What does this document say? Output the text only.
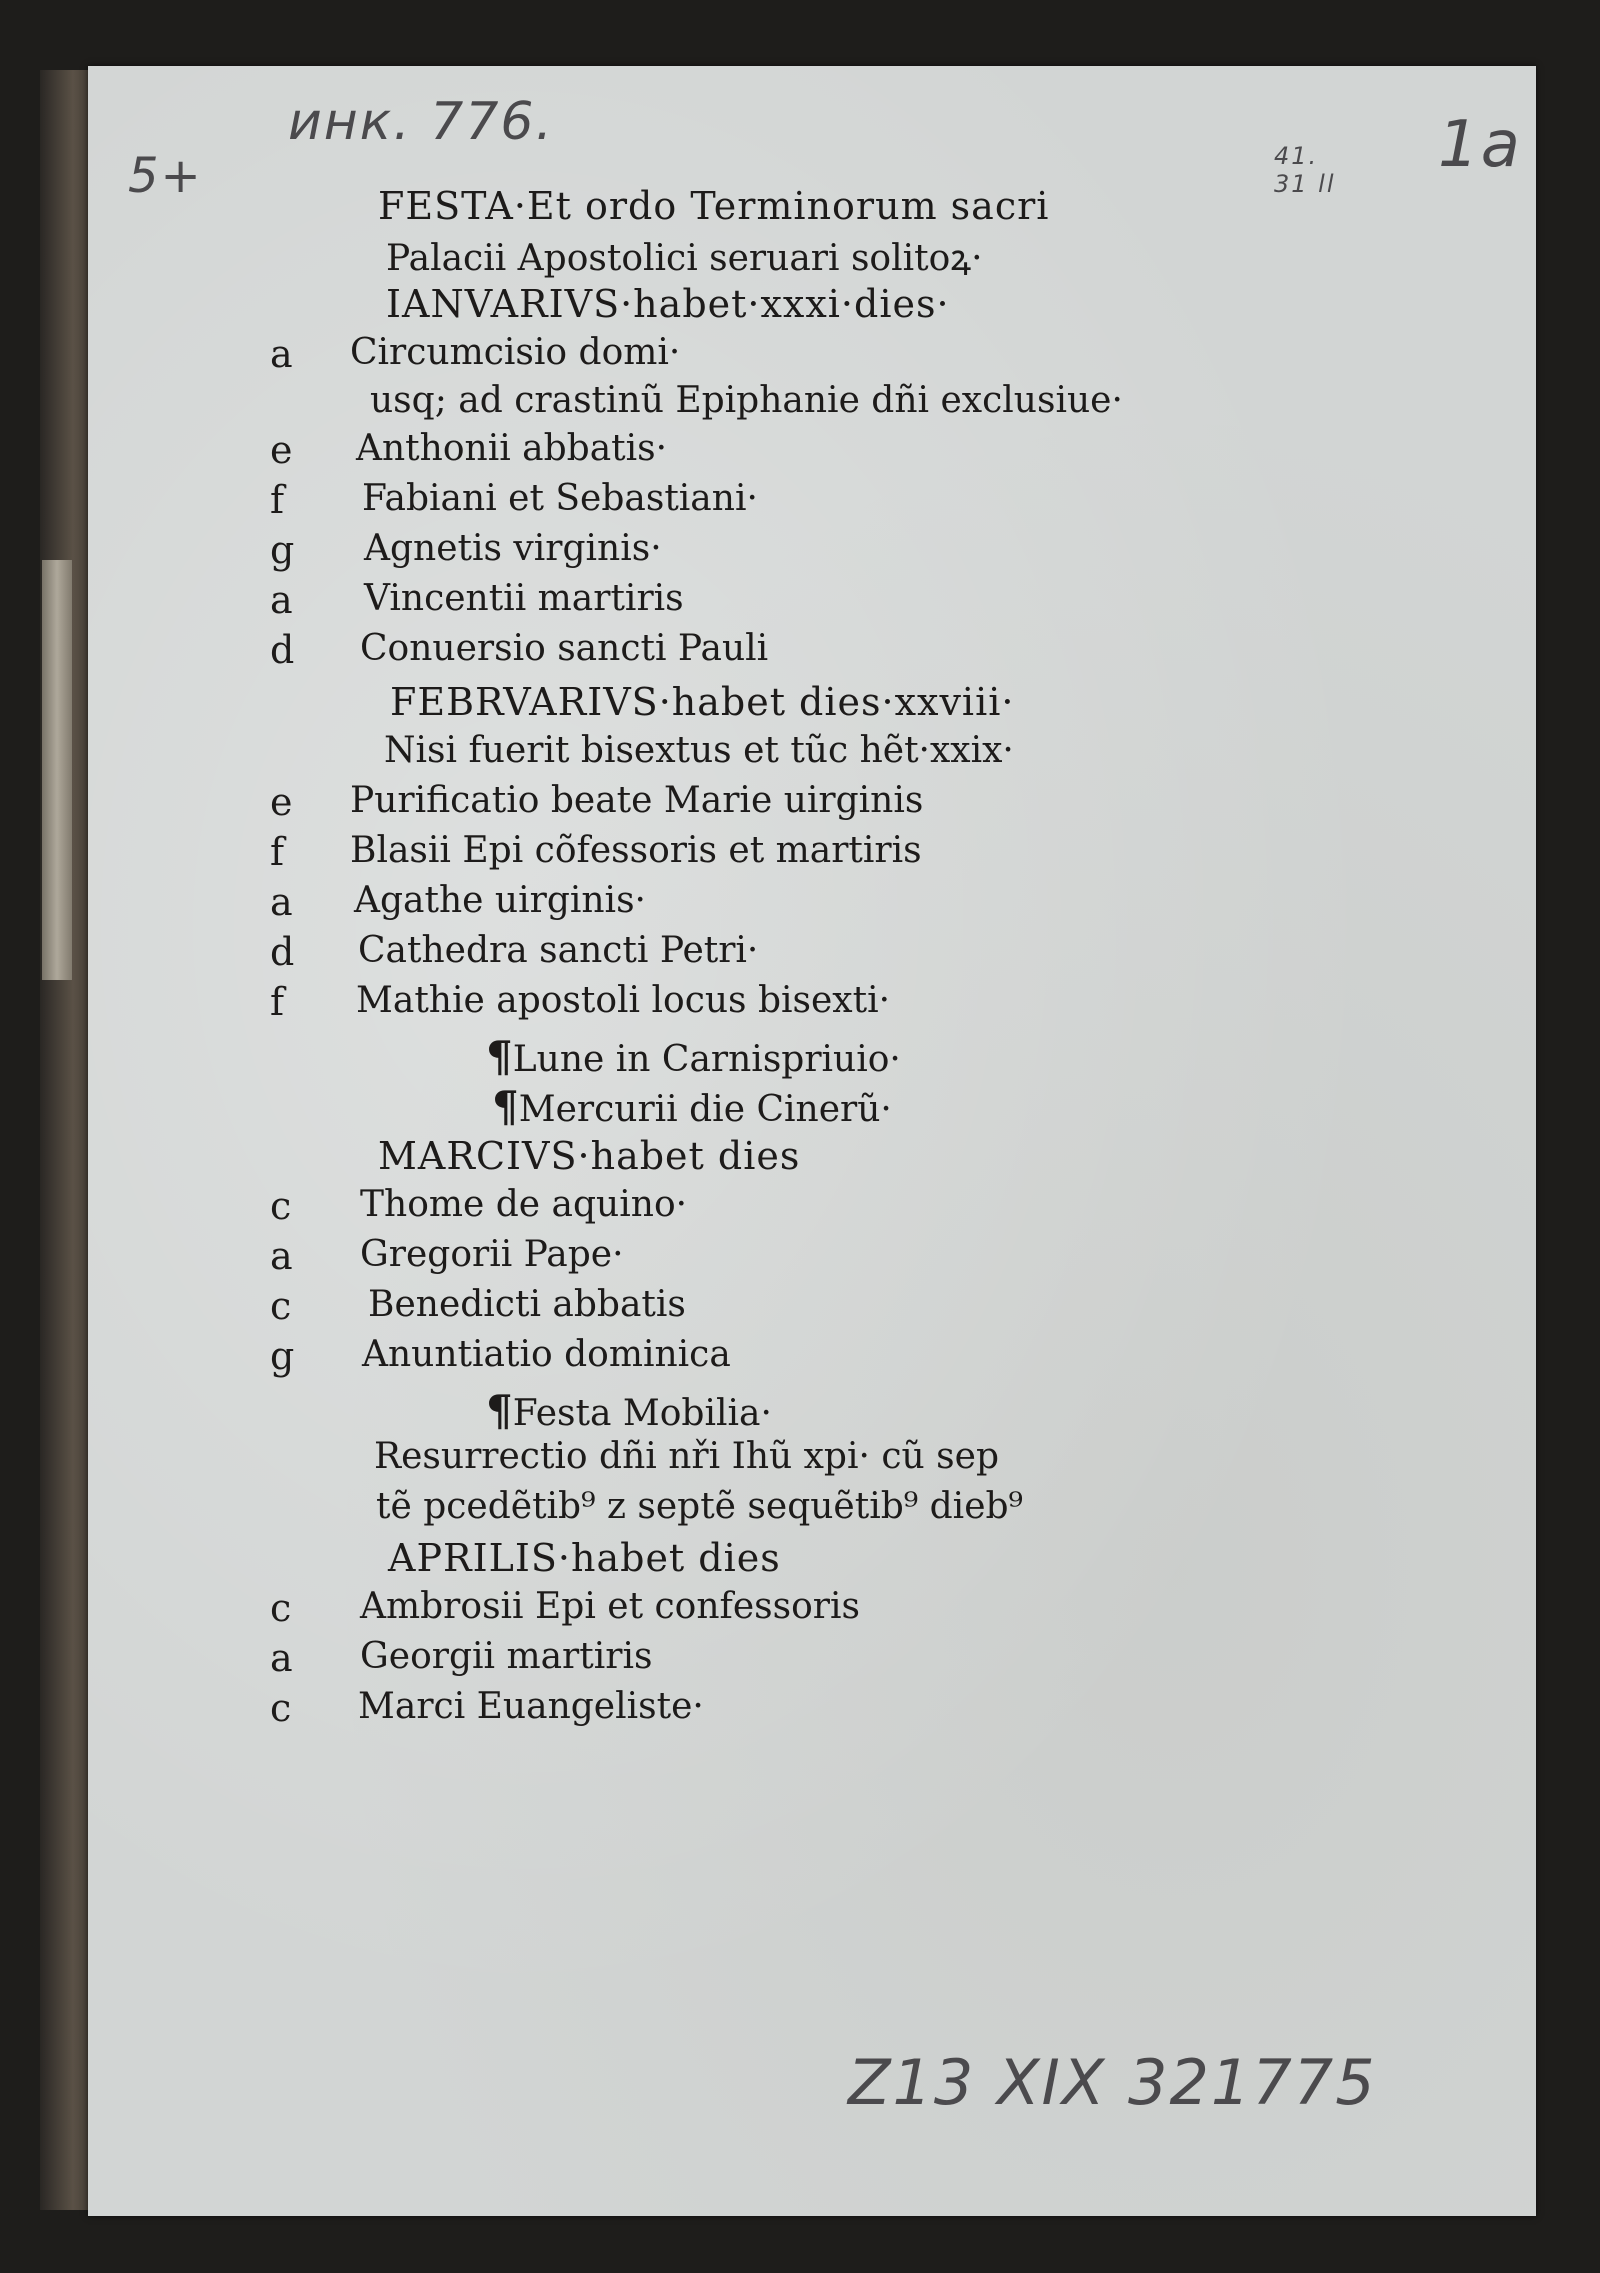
инк. 776.
5+	41.
31 ll
1a
Z13 XIX 321775
FESTA·Et ordo Terminorum sacri
Palacii Apostolici seruari solitoꝝ·
IANVARIVS·habet·xxxi·dies·
a Circumcisio domi·
usq; ad crastinũ Epiphanie dñi exclusiue·
e Anthonii abbatis·
f Fabiani et Sebastiani·
g Agnetis virginis·
a Vincentii martiris
d Conuersio sancti Pauli
FEBRVARIVS·habet dies·xxviii·
Nisi fuerit bisextus et tũc hẽt·xxix·
e Purificatio beate Marie uirginis
f Blasii Epi cõfessoris et martiris
a Agathe uirginis·
d Cathedra sancti Petri·
f Mathie apostoli locus bisexti·
¶Lune in Carnispriuio·
¶Mercurii die Cinerũ·
MARCIVS·habet dies
c Thome de aquino·
a Gregorii Pape·
c Benedicti abbatis
g Anuntiatio dominica
¶Festa Mobilia·
Resurrectio dñi nři Ihũ xpi· cũ sep
tẽ pcedẽtib⁹ z septẽ sequẽtib⁹ dieb⁹
APRILIS·habet dies
c Ambrosii Epi et confessoris
a Georgii martiris
c Marci Euangeliste·
